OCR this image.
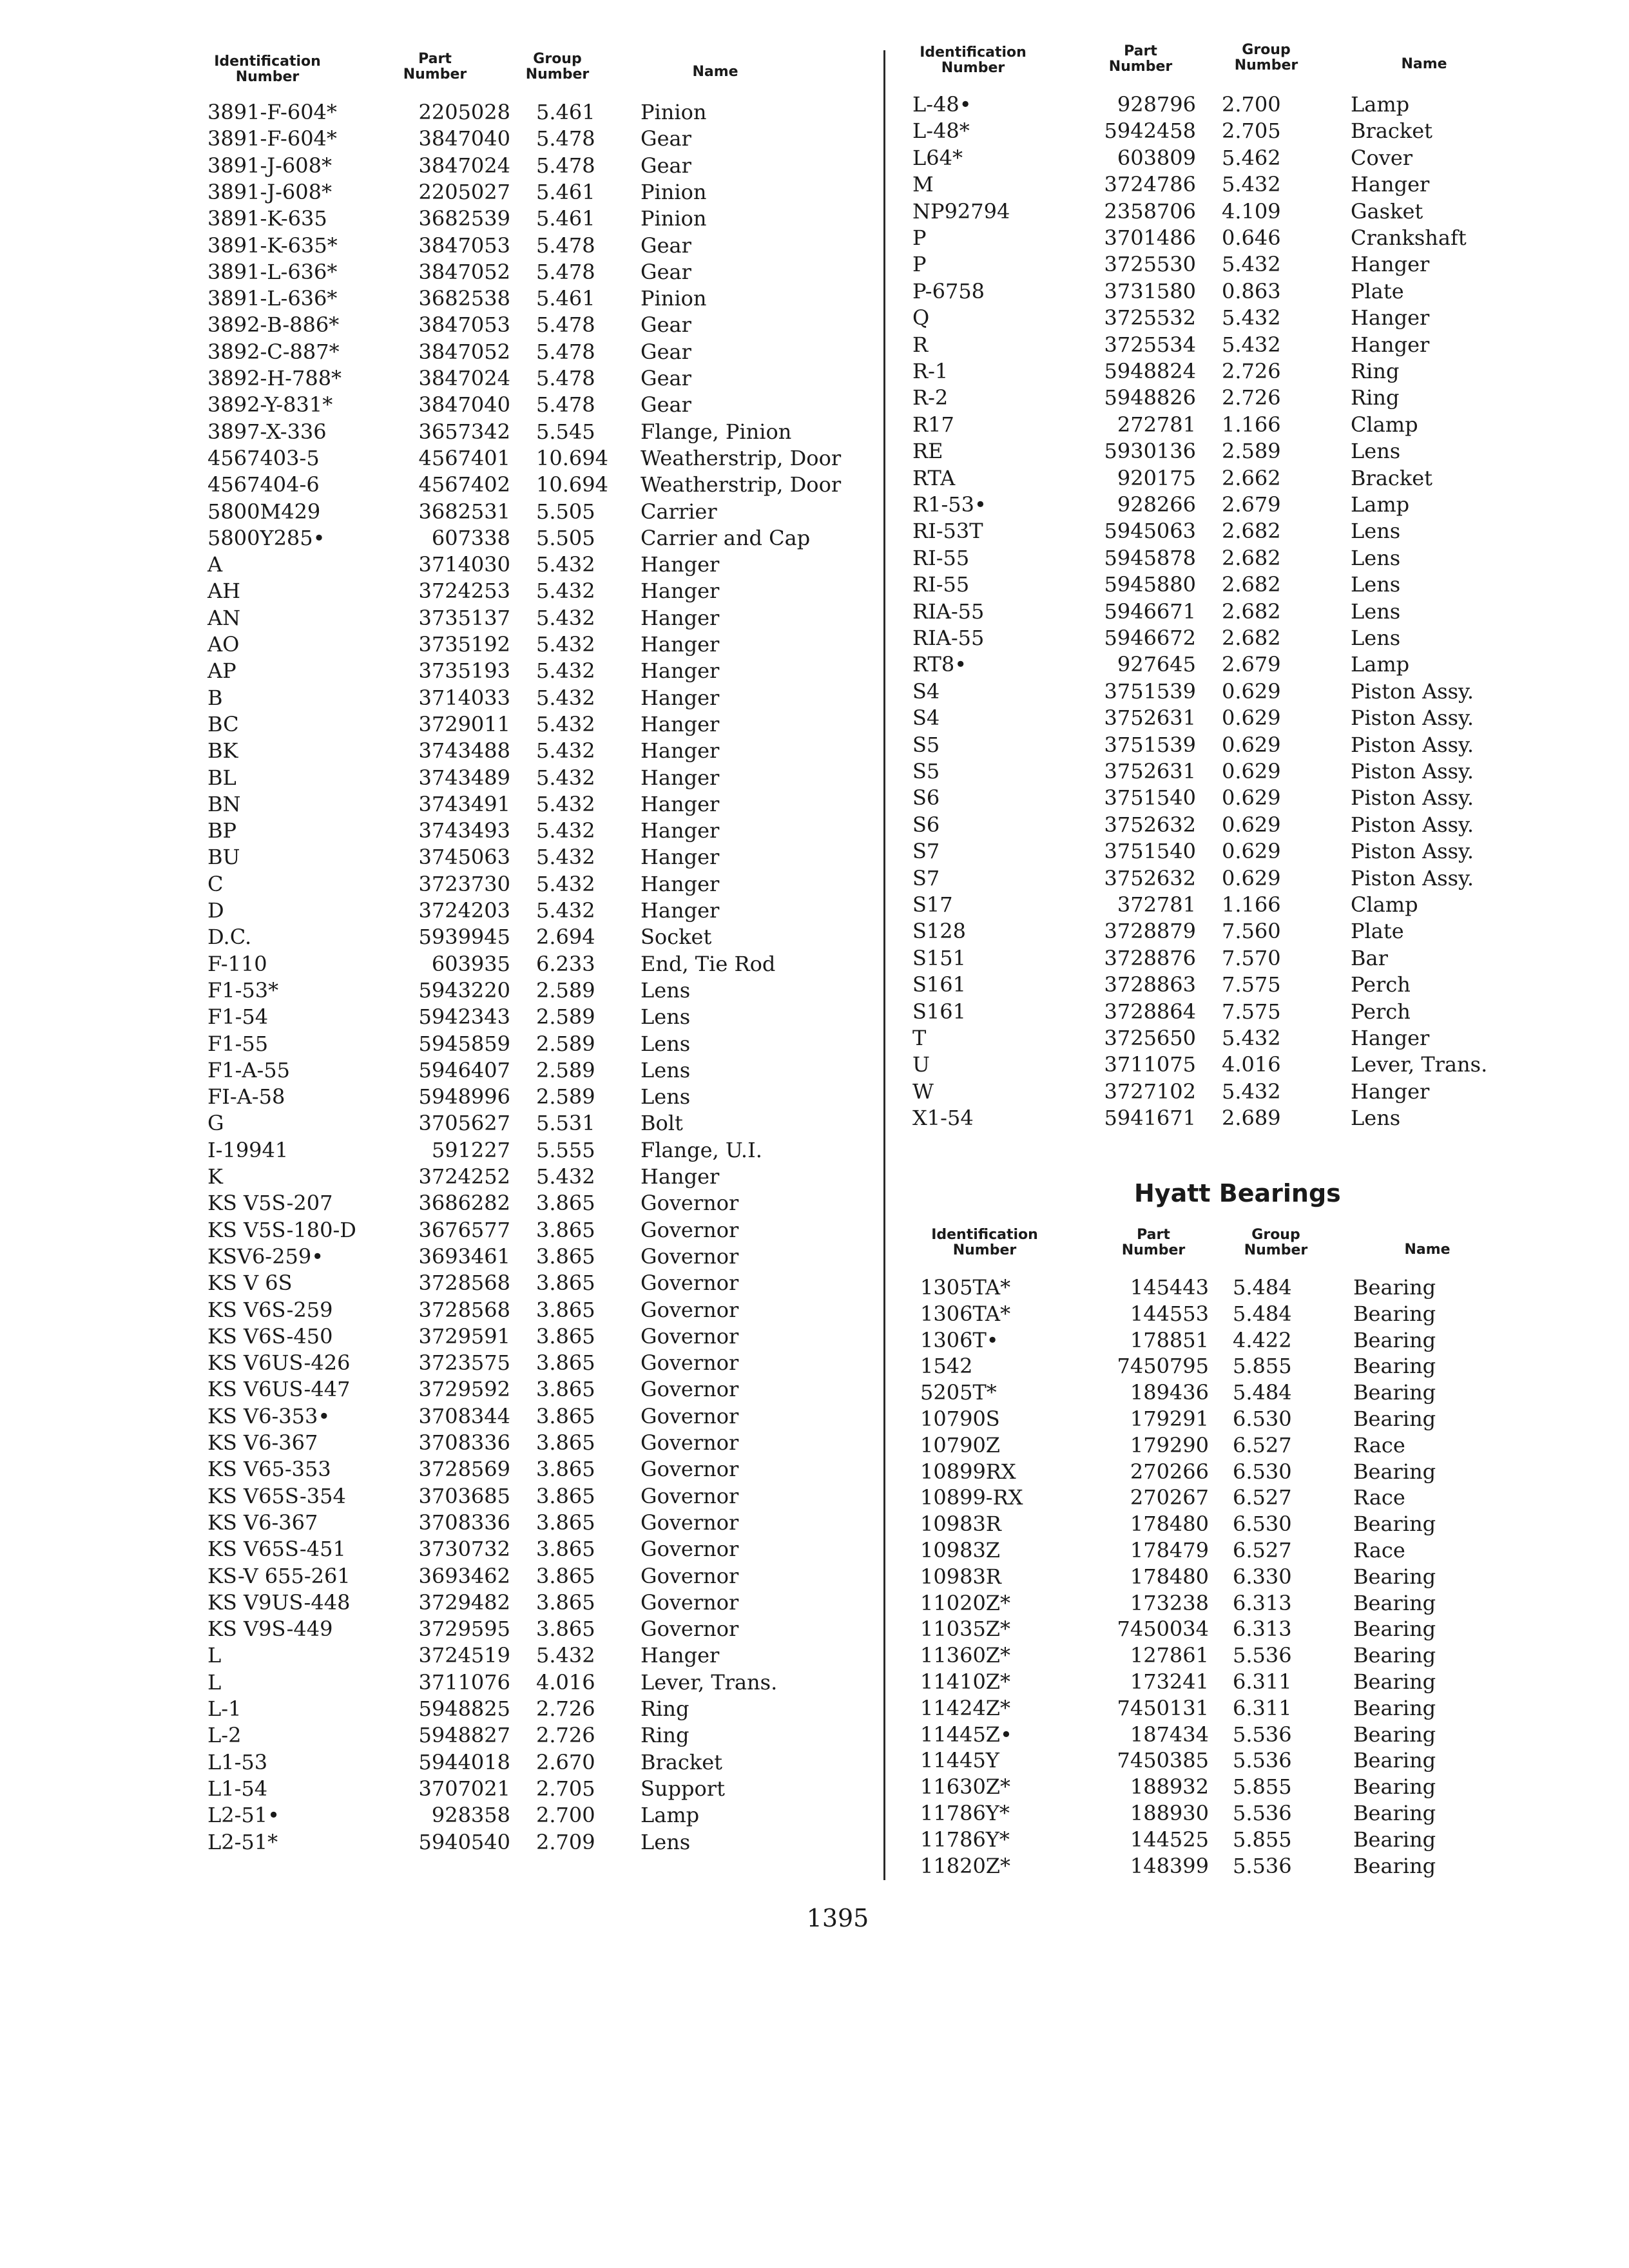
Identification Number
Part Number
Group Number	Name
3891-F-604*	2205028 5.461 Pinion
3891-F-604*	3847040 5.478 Gear
3891-J-608*	3847024 5.478 Gear
3891-J-608*	2205027 5.461 Pinion
3891-K-635	3682539 5.461 Pinion
3891-K-635*	3847053 5.478 Gear
3891-L-636*	3847052 5.478 Gear
3891-L-636*	3682538 5.461 Pinion
3892-B-886*	3847053 5.478 Gear
3892-C-887*	3847052 5.478 Gear
3892-H-788*	3847024 5.478 Gear
3892-Y-831*	3847040 5.478 Gear
3897-X-336	3657342 5.545 Flange, Pinion
4567403-5	4567401 10.694 Weatherstrip, Door
4567404-6	4567402 10.694 Weatherstrip, Door
5800M429	3682531 5.505 Carrier
5800Y285•	607338 5.505 Carrier and Cap
A	3714030 5.432 Hanger
AH	3724253 5.432 Hanger
AN	3735137 5.432 Hanger
AO	3735192 5.432 Hanger
AP	3735193 5.432 Hanger
B	3714033 5.432 Hanger
BC	3729011 5.432 Hanger
BK	3743488 5.432 Hanger
BL	3743489 5.432 Hanger
BN	3743491 5.432 Hanger
BP	3743493 5.432 Hanger
BU	3745063 5.432 Hanger
C	3723730 5.432 Hanger
D	3724203 5.432 Hanger
D.C.	5939945 2.694 Socket
F-110	603935 6.233 End, Tie Rod
F1-53*	5943220 2.589 Lens
F1-54	5942343 2.589 Lens
F1-55	5945859 2.589 Lens
F1-A-55	5946407 2.589 Lens
FI-A-58	5948996 2.589 Lens
G	3705627 5.531 Bolt
I-19941	591227 5.555 Flange, U.I.
K	3724252 5.432 Hanger
KS V5S-207	3686282 3.865 Governor
KS V5S-180-D	3676577 3.865 Governor
KSV6-259•	3693461 3.865 Governor
KS V 6S	3728568 3.865 Governor
KS V6S-259	3728568 3.865 Governor
KS V6S-450	3729591 3.865 Governor
KS V6US-426	3723575 3.865 Governor
KS V6US-447	3729592 3.865 Governor
KS V6-353•	3708344 3.865 Governor
KS V6-367	3708336 3.865 Governor
KS V65-353	3728569 3.865 Governor
KS V65S-354	3703685 3.865 Governor
KS V6-367	3708336 3.865 Governor
KS V65S-451	3730732 3.865 Governor
KS-V 655-261	3693462 3.865 Governor
KS V9US-448	3729482 3.865 Governor
KS V9S-449	3729595 3.865 Governor
L	3724519 5.432 Hanger
L	3711076 4.016 Lever, Trans.
L-1	5948825 2.726 Ring
L-2	5948827 2.726 Ring
L1-53	5944018 2.670 Bracket
L1-54	3707021 2.705 Support
L2-51•	928358 2.700 Lamp
L2-51*	5940540 2.709 Lens
Identification Number
Part Number
Group Number	Name
L-48•	928796 2.700	Lamp
L-48*	5942458 2.705	Bracket
L64*	603809 5.462	Cover
M	3724786 5.432	Hanger
NP92794	2358706 4.109	Gasket
P	3701486 0.646	Crankshaft
P	3725530 5.432	Hanger
P-6758	3731580 0.863	Plate
Q	3725532 5.432	Hanger
R	3725534 5.432	Hanger
R-1	5948824 2.726	Ring
R-2	5948826 2.726	Ring
R17	272781 1.166	Clamp
RE	5930136 2.589	Lens
RTA	920175 2.662	Bracket
R1-53•	928266 2.679	Lamp
RI-53T	5945063 2.682	Lens
RI-55	5945878 2.682	Lens
RI-55	5945880 2.682	Lens
RIA-55	5946671 2.682	Lens
RIA-55	5946672 2.682	Lens
RT8•	927645 2.679	Lamp
S4	3751539 0.629	Piston Assy.
S4	3752631 0.629	Piston Assy.
S5	3751539 0.629	Piston Assy.
S5	3752631 0.629	Piston Assy.
S6	3751540 0.629	Piston Assy.
S6	3752632 0.629	Piston Assy.
S7	3751540 0.629	Piston Assy.
S7	3752632 0.629	Piston Assy.
S17	372781 1.166	Clamp
S128	3728879 7.560	Plate
S151	3728876 7.570	Bar
S161	3728863 7.575	Perch
S161	3728864 7.575	Perch
T	3725650 5.432	Hanger
U	3711075 4.016	Lever, Trans.
W	3727102 5.432	Hanger
X1-54	5941671 2.689	Lens
Hyatt Bearings
Identification Number
Part Number
Group Number	Name
1305TA*	145443 5.484	Bearing
1306TA*	144553 5.484	Bearing
1306T•	178851 4.422	Bearing
1542	7450795 5.855	Bearing
5205T*	189436 5.484	Bearing
10790S	179291 6.530	Bearing
10790Z	179290 6.527	Race
10899RX	270266 6.530	Bearing
10899-RX	270267 6.527	Race
10983R	178480 6.530	Bearing
10983Z	178479 6.527	Race
10983R	178480 6.330	Bearing
11020Z*	173238 6.313	Bearing
11035Z*	7450034 6.313	Bearing
11360Z*	127861 5.536	Bearing
11410Z*	173241 6.311	Bearing
11424Z*	7450131 6.311	Bearing
11445Z•	187434 5.536	Bearing
11445Y	7450385 5.536	Bearing
11630Z*	188932 5.855	Bearing
11786Y*	188930 5.536	Bearing
11786Y*	144525 5.855	Bearing
11820Z*	148399 5.536	Bearing
1395
